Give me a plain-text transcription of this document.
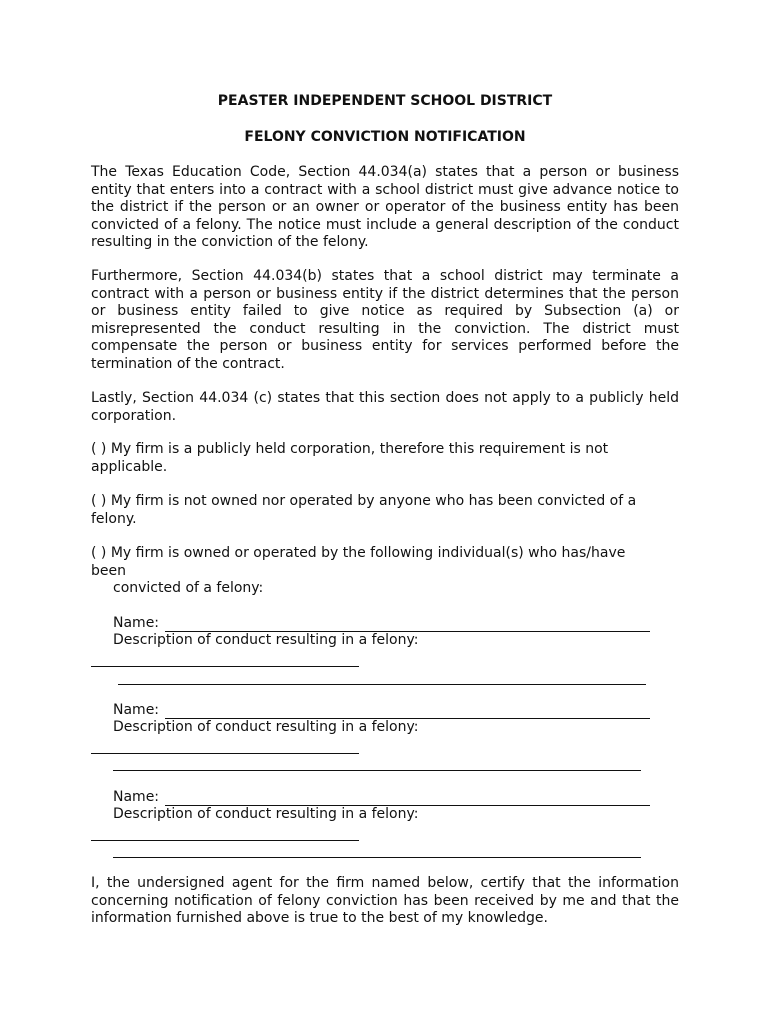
PEASTER INDEPENDENT SCHOOL DISTRICT
FELONY CONVICTION NOTIFICATION
The Texas Education Code, Section 44.034(a) states that a person or business entity that enters into a contract with a school district must give advance notice to the district if the person or an owner or operator of the business entity has been convicted of a felony. The notice must include a general description of the conduct resulting in the conviction of the felony.
Furthermore, Section 44.034(b) states that a school district may terminate a contract with a person or business entity if the district determines that the person or business entity failed to give notice as required by Subsection (a) or misrepresented the conduct resulting in the conviction. The district must compensate the person or business entity for services performed before the termination of the contract.
Lastly, Section 44.034 (c) states that this section does not apply to a publicly held corporation.
( ) My firm is a publicly held corporation, therefore this requirement is not
applicable.
( ) My firm is not owned nor operated by anyone who has been convicted of a
felony.
( ) My firm is owned or operated by the following individual(s) who has/have
been
convicted of a felony:
Name:
Description of conduct resulting in a felony:
Name:
Description of conduct resulting in a felony:
Name:
Description of conduct resulting in a felony:
I, the undersigned agent for the firm named below, certify that the information concerning notification of felony conviction has been received by me and that the information furnished above is true to the best of my knowledge.
